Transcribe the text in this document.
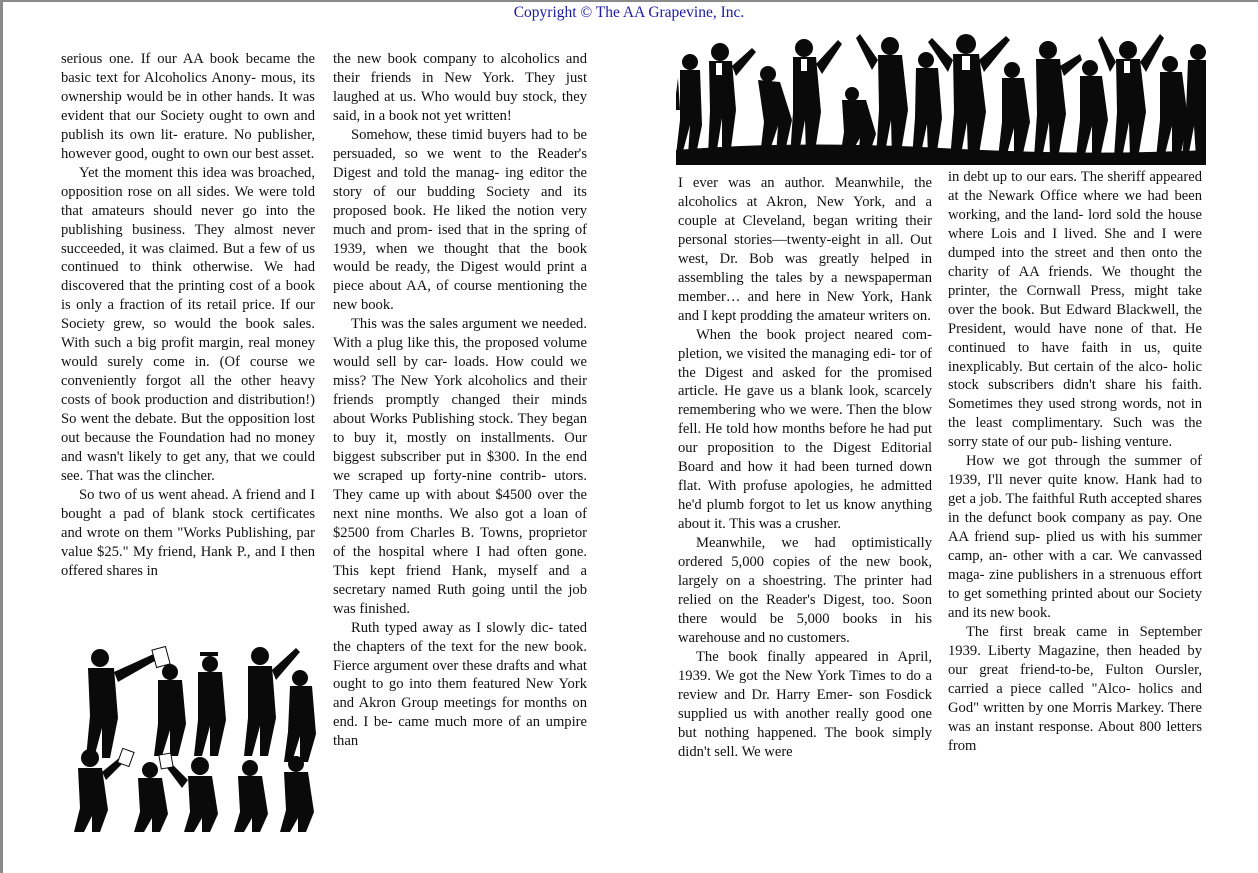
Copyright © The AA Grapevine, Inc.

serious one. If our AA book became the basic text for Alcoholics Anony- mous, its ownership would be in other hands. It was evident that our Society ought to own and publish its own lit- erature. No publisher, however good, ought to own our best asset.

Yet the moment this idea was broached, opposition rose on all sides. We were told that amateurs should never go into the publishing business. They almost never succeeded, it was claimed. But a few of us continued to think otherwise. We had discovered that the printing cost of a book is only a fraction of its retail price. If our Society grew, so would the book sales. With such a big profit margin, real money would surely come in. (Of course we conveniently forgot all the other heavy costs of book production and distribution!) So went the debate. But the opposition lost out because the Foundation had no money and wasn't likely to get any, that we could see. That was the clincher.

So two of us went ahead. A friend and I bought a pad of blank stock certificates and wrote on them "Works Publishing, par value $25." My friend, Hank P., and I then offered shares in

the new book company to alcoholics and their friends in New York. They just laughed at us. Who would buy stock, they said, in a book not yet written!

Somehow, these timid buyers had to be persuaded, so we went to the Reader's Digest and told the manag- ing editor the story of our budding Society and its proposed book. He liked the notion very much and prom- ised that in the spring of 1939, when we thought that the book would be ready, the Digest would print a piece about AA, of course mentioning the new book.

This was the sales argument we needed. With a plug like this, the proposed volume would sell by car- loads. How could we miss? The New York alcoholics and their friends promptly changed their minds about Works Publishing stock. They began to buy it, mostly on installments. Our biggest subscriber put in $300. In the end we scraped up forty-nine contrib- utors. They came up with about $4500 over the next nine months. We also got a loan of $2500 from Charles B. Towns, proprietor of the hospital where I had often gone. This kept friend Hank, myself and a secretary named Ruth going until the job was finished.

Ruth typed away as I slowly dic- tated the chapters of the text for the new book. Fierce argument over these drafts and what ought to go into them featured New York and Akron Group meetings for months on end. I be- came much more of an umpire than

I ever was an author. Meanwhile, the alcoholics at Akron, New York, and a couple at Cleveland, began writing their personal stories—twenty-eight in all. Out west, Dr. Bob was greatly helped in assembling the tales by a newspaperman member… and here in New York, Hank and I kept prodding the amateur writers on.

When the book project neared com- pletion, we visited the managing edi- tor of the Digest and asked for the promised article. He gave us a blank look, scarcely remembering who we were. Then the blow fell. He told how months before he had put our proposition to the Digest Editorial Board and how it had been turned down flat. With profuse apologies, he admitted he'd plumb forgot to let us know anything about it. This was a crusher.

Meanwhile, we had optimistically ordered 5,000 copies of the new book, largely on a shoestring. The printer had relied on the Reader's Digest, too. Soon there would be 5,000 books in his warehouse and no customers.

The book finally appeared in April, 1939. We got the New York Times to do a review and Dr. Harry Emer- son Fosdick supplied us with another really good one but nothing happened. The book simply didn't sell. We were

in debt up to our ears. The sheriff appeared at the Newark Office where we had been working, and the land- lord sold the house where Lois and I lived. She and I were dumped into the street and then onto the charity of AA friends. We thought the printer, the Cornwall Press, might take over the book. But Edward Blackwell, the President, would have none of that. He continued to have faith in us, quite inexplicably. But certain of the alco- holic stock subscribers didn't share his faith. Sometimes they used strong words, not in the least complimentary. Such was the sorry state of our pub- lishing venture.

How we got through the summer of 1939, I'll never quite know. Hank had to get a job. The faithful Ruth accepted shares in the defunct book company as pay. One AA friend sup- plied us with his summer camp, an- other with a car. We canvassed maga- zine publishers in a strenuous effort to get something printed about our Society and its new book.

The first break came in September 1939. Liberty Magazine, then headed by our great friend-to-be, Fulton Oursler, carried a piece called "Alco- holics and God" written by one Morris Markey. There was an instant response. About 800 letters from
